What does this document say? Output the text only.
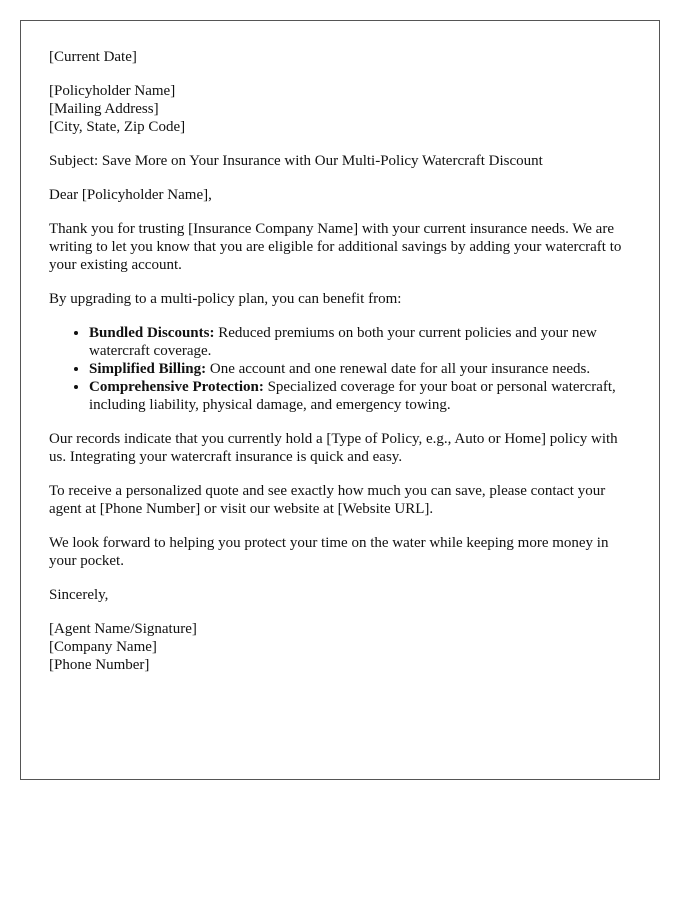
[Current Date]

[Policyholder Name]
[Mailing Address]
[City, State, Zip Code]

Subject: Save More on Your Insurance with Our Multi-Policy Watercraft Discount

Dear [Policyholder Name],

Thank you for trusting [Insurance Company Name] with your current insurance needs. We are writing to let you know that you are eligible for additional savings by adding your watercraft to your existing account.

By upgrading to a multi-policy plan, you can benefit from:

• Bundled Discounts: Reduced premiums on both your current policies and your new watercraft coverage.
• Simplified Billing: One account and one renewal date for all your insurance needs.
• Comprehensive Protection: Specialized coverage for your boat or personal watercraft, including liability, physical damage, and emergency towing.

Our records indicate that you currently hold a [Type of Policy, e.g., Auto or Home] policy with us. Integrating your watercraft insurance is quick and easy.

To receive a personalized quote and see exactly how much you can save, please contact your agent at [Phone Number] or visit our website at [Website URL].

We look forward to helping you protect your time on the water while keeping more money in your pocket.

Sincerely,

[Agent Name/Signature]
[Company Name]
[Phone Number]
